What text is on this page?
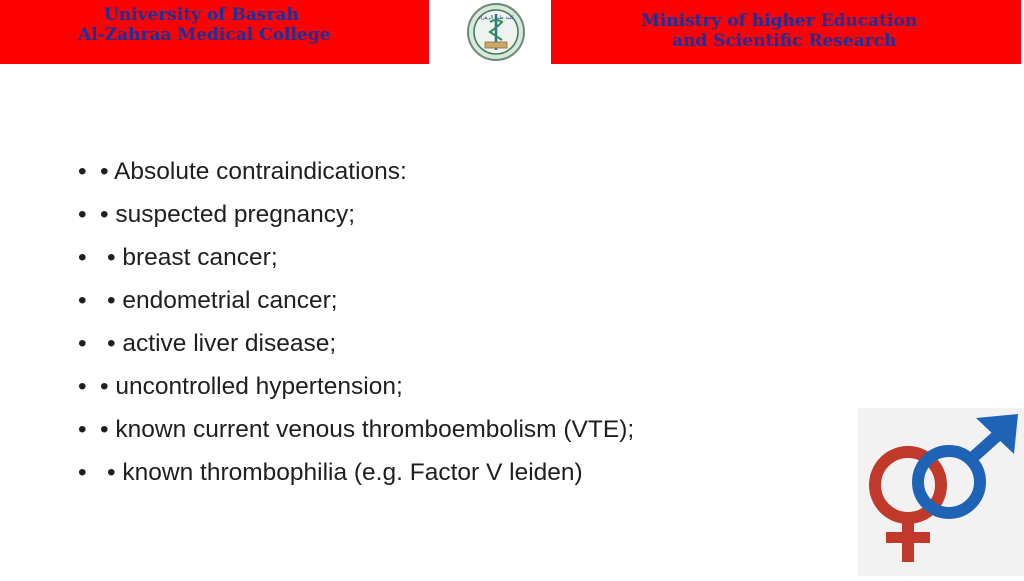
University of Basrah
Al-Zahraa Medical College
كلية طب الزهراء	Ministry of higher Education
and Scientific Research
• • Absolute contraindications:
• • suspected pregnancy;
• • breast cancer;
• • endometrial cancer;
• • active liver disease;
• • uncontrolled hypertension;
• • known current venous thromboembolism (VTE);
• • known thrombophilia (e.g. Factor V leiden)
